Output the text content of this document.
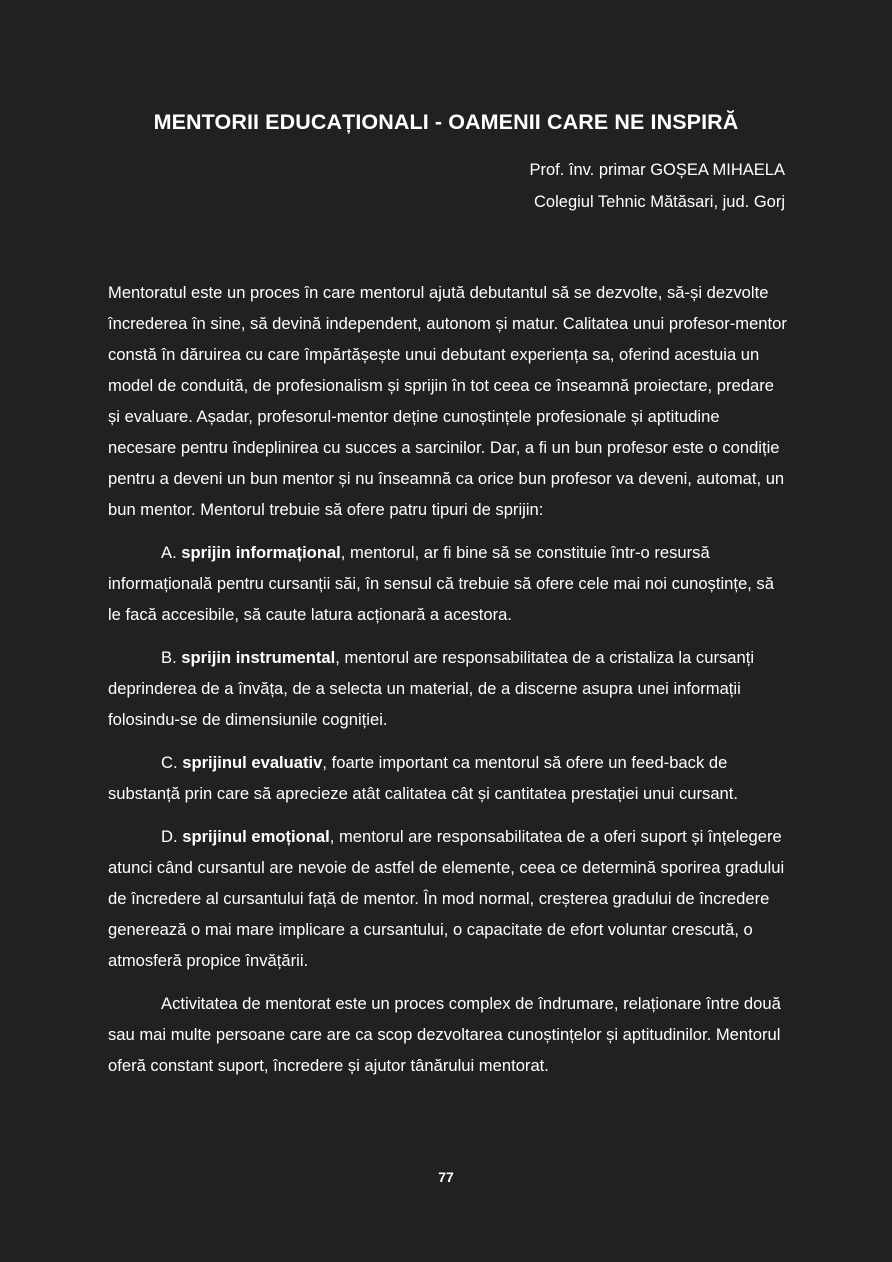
MENTORII EDUCAȚIONALI - OAMENII CARE NE INSPIRĂ
Prof. înv. primar GOȘEA MIHAELA
Colegiul Tehnic Mătăsari, jud. Gorj

Mentoratul este un proces în care mentorul ajută debutantul să se dezvolte, să-și dezvolte încrederea în sine, să devină independent, autonom și matur. Calitatea unui profesor-mentor constă în dăruirea cu care împărtășește unui debutant experiența sa, oferind acestuia un model de conduită, de profesionalism și sprijin în tot ceea ce înseamnă proiectare, predare și evaluare. Așadar, profesorul-mentor deține cunoștințele profesionale și aptitudine necesare pentru îndeplinirea cu succes a sarcinilor. Dar, a fi un bun profesor este o condiție pentru a deveni un bun mentor și nu înseamnă ca orice bun profesor va deveni, automat, un bun mentor. Mentorul trebuie să ofere patru tipuri de sprijin:

A. sprijin informațional, mentorul, ar fi bine să se constituie într-o resursă informațională pentru cursanții săi, în sensul că trebuie să ofere cele mai noi cunoștințe, să le facă accesibile, să caute latura acționară a acestora.

B. sprijin instrumental, mentorul are responsabilitatea de a cristaliza la cursanți deprinderea de a învăța, de a selecta un material, de a discerne asupra unei informații folosindu-se de dimensiunile cogniției.

C. sprijinul evaluativ, foarte important ca mentorul să ofere un feed-back de substanță prin care să aprecieze atât calitatea cât și cantitatea prestației unui cursant.

D. sprijinul emoțional, mentorul are responsabilitatea de a oferi suport și înțelegere atunci când cursantul are nevoie de astfel de elemente, ceea ce determină sporirea gradului de încredere al cursantului față de mentor. În mod normal, creșterea gradului de încredere generează o mai mare implicare a cursantului, o capacitate de efort voluntar crescută, o atmosferă propice învățării.

Activitatea de mentorat este un proces complex de îndrumare, relaționare între două sau mai multe persoane care are ca scop dezvoltarea cunoștințelor și aptitudinilor. Mentorul oferă constant suport, încredere și ajutor tânărului mentorat.

77
